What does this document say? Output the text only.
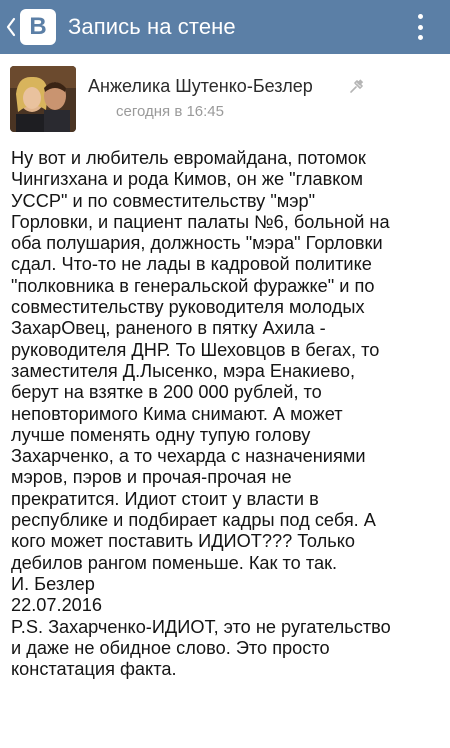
B Запись на стене
Анжелика Шутенко-Безлер
сегодня в 16:45
Ну вот и любитель евромайдана, потомок
Чингизхана и рода Кимов, он же "главком
УССР" и по совместительству "мэр"
Горловки, и пациент палаты №6, больной на
оба полушария, должность "мэра" Горловки
сдал. Что-то не лады в кадровой политике
"полковника в генеральской фуражке" и по
совместительству руководителя молодых
ЗахарОвец, раненого в пятку Ахила -
руководителя ДНР. То Шеховцов в бегах, то
заместителя Д.Лысенко, мэра Енакиево,
берут на взятке в 200 000 рублей, то
неповторимого Кима снимают. А может
лучше поменять одну тупую голову
Захарченко, а то чехарда с назначениями
мэров, пэров и прочая-прочая не
прекратится. Идиот стоит у власти в
республике и подбирает кадры под себя. А
кого может поставить ИДИОТ??? Только
дебилов рангом поменьше. Как то так.
И. Безлер
22.07.2016
P.S. Захарченко-ИДИОТ, это не ругательство
и даже не обидное слово. Это просто
констатация факта.
